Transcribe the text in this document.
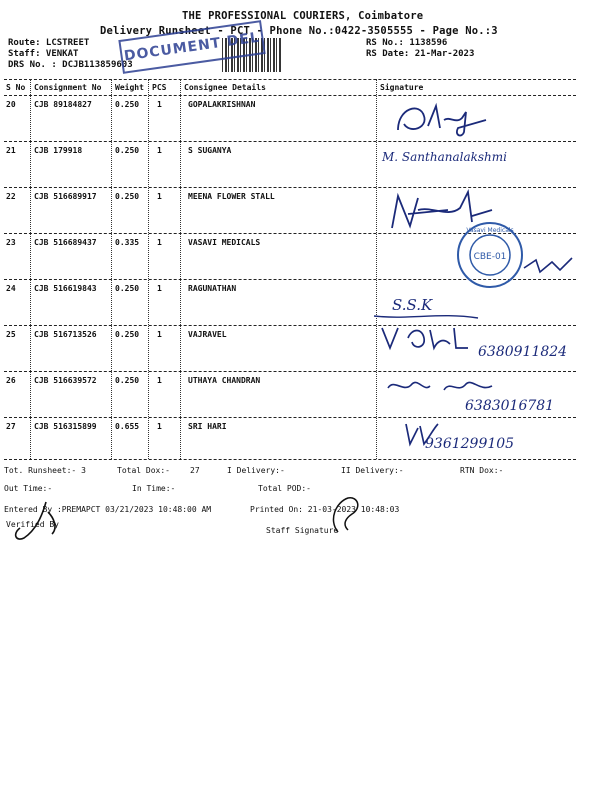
THE PROFESSIONAL COURIERS, Coimbatore
Delivery Runsheet - PCT - Phone No.:0422-3505555 - Page No.:3
Route: LCSTREET
Staff: VENKAT
DRS No. : DCJB113859603
RS No.: 1138596
RS Date: 21-Mar-2023
DOCUMENT DEL
S No Consignment No Weight PCS Consignee Details	Signature
20 CJB 89184827	0.250 1	GOPALAKRISHNAN
21 CJB 179918	0.250 1	S SUGANYA	M. Santhanalakshmi
22 CJB 516689917 0.250 1	MEENA FLOWER STALL
23 CJB 516689437 0.335 1	VASAVI MEDICALS
24 CJB 516619843 0.250 1	RAGUNATHAN
S.S.K
25 CJB 516713526 0.250 1	VAJRAVEL
6380911824
26 CJB 516639572 0.250 1	UTHAYA CHANDRAN
6383016781
27 CJB 516315899 0.655 1	SRI HARI
9361299105
CBE-01
Vasavi Medicals
Tot. Runsheet:- 3	Total Dox:-	27	I Delivery:-	II Delivery:-	RTN Dox:-
Out Time:-	In Time:-	Total POD:-
Entered By :PREMAPCT 03/21/2023 10:48:00 AM	Printed On: 21-03-2023 10:48:03
Verified By
Staff Signature
